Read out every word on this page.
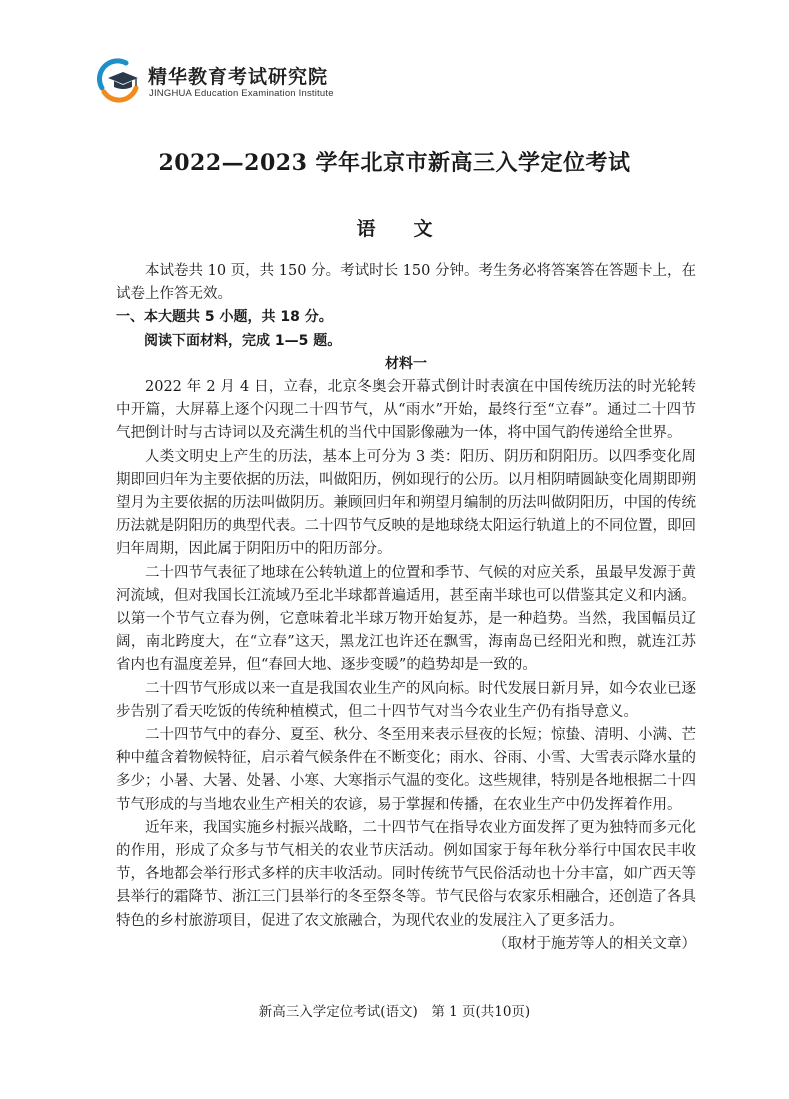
精华教育考试研究院
JINGHUA Education Examination Institute
2022—2023 学年北京市新高三入学定位考试
语　　文

本试卷共 10 页，共 150 分。考试时长 150 分钟。考生务必将答案答在答题卡上，在试卷上作答无效。

一、本大题共 5 小题，共 18 分。

阅读下面材料，完成 1—5 题。

材料一

2022 年 2 月 4 日，立春，北京冬奥会开幕式倒计时表演在中国传统历法的时光轮转中开篇，大屏幕上逐个闪现二十四节气，从“雨水”开始，最终行至“立春”。通过二十四节气把倒计时与古诗词以及充满生机的当代中国影像融为一体，将中国气韵传递给全世界。

人类文明史上产生的历法，基本上可分为 3 类：阳历、阴历和阴阳历。以四季变化周期即回归年为主要依据的历法，叫做阳历，例如现行的公历。以月相阴晴圆缺变化周期即朔望月为主要依据的历法叫做阴历。兼顾回归年和朔望月编制的历法叫做阴阳历，中国的传统历法就是阴阳历的典型代表。二十四节气反映的是地球绕太阳运行轨道上的不同位置，即回归年周期，因此属于阴阳历中的阳历部分。

二十四节气表征了地球在公转轨道上的位置和季节、气候的对应关系，虽最早发源于黄河流域，但对我国长江流域乃至北半球都普遍适用，甚至南半球也可以借鉴其定义和内涵。以第一个节气立春为例，它意味着北半球万物开始复苏，是一种趋势。当然，我国幅员辽阔，南北跨度大，在“立春”这天，黑龙江也许还在飘雪，海南岛已经阳光和煦，就连江苏省内也有温度差异，但“春回大地、逐步变暖”的趋势却是一致的。

二十四节气形成以来一直是我国农业生产的风向标。时代发展日新月异，如今农业已逐步告别了看天吃饭的传统种植模式，但二十四节气对当今农业生产仍有指导意义。

二十四节气中的春分、夏至、秋分、冬至用来表示昼夜的长短；惊蛰、清明、小满、芒种中蕴含着物候特征，启示着气候条件在不断变化；雨水、谷雨、小雪、大雪表示降水量的多少；小暑、大暑、处暑、小寒、大寒指示气温的变化。这些规律，特别是各地根据二十四节气形成的与当地农业生产相关的农谚，易于掌握和传播，在农业生产中仍发挥着作用。

近年来，我国实施乡村振兴战略，二十四节气在指导农业方面发挥了更为独特而多元化的作用，形成了众多与节气相关的农业节庆活动。例如国家于每年秋分举行中国农民丰收节，各地都会举行形式多样的庆丰收活动。同时传统节气民俗活动也十分丰富，如广西天等县举行的霜降节、浙江三门县举行的冬至祭冬等。节气民俗与农家乐相融合，还创造了各具特色的乡村旅游项目，促进了农文旅融合，为现代农业的发展注入了更多活力。

（取材于施芳等人的相关文章）

新高三入学定位考试(语文)　第 1 页(共10页)
